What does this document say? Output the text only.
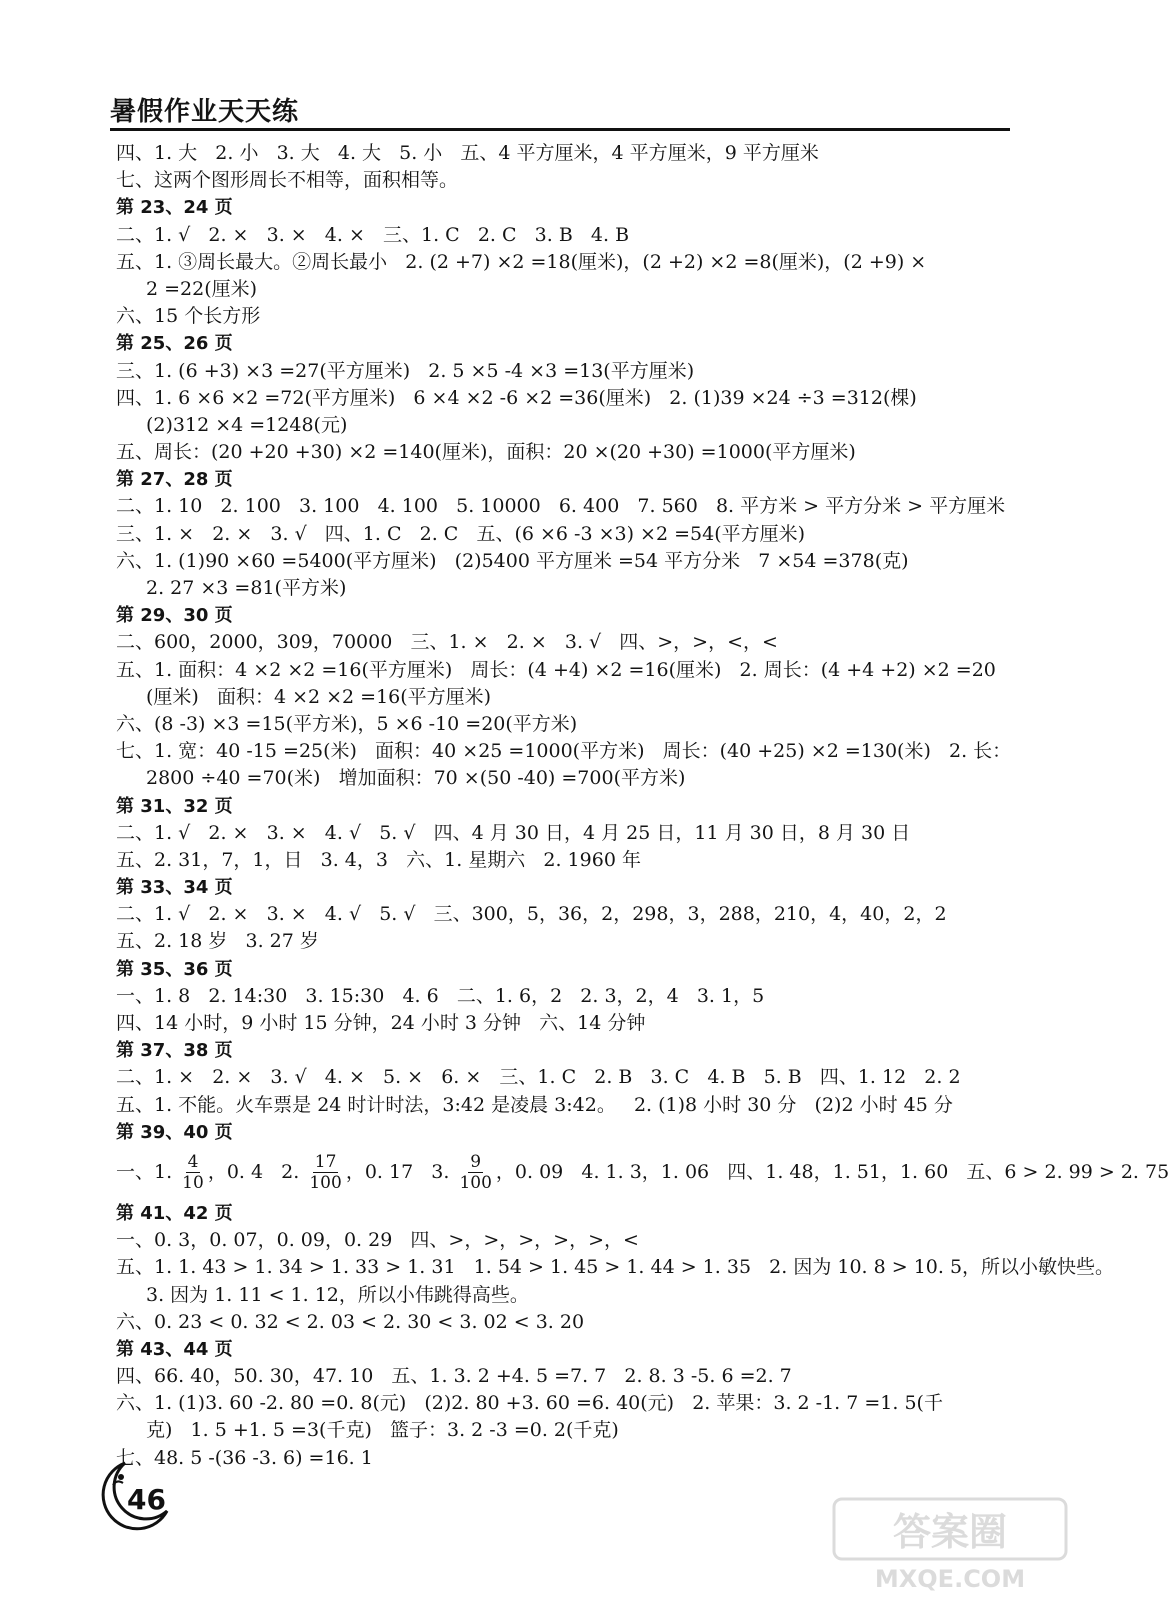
暑假作业天天练
四、1. 大   2. 小   3. 大   4. 大   5. 小   五、4 平方厘米，4 平方厘米，9 平方厘米
七、这两个图形周长不相等，面积相等。
第 23、24 页
二、1. √   2. ×   3. ×   4. ×   三、1. C   2. C   3. B   4. B
五、1. ③周长最大。②周长最小   2. (2 +7) ×2 =18(厘米)，(2 +2) ×2 =8(厘米)，(2 +9) ×
2 =22(厘米)
六、15 个长方形
第 25、26 页
三、1. (6 +3) ×3 =27(平方厘米)   2. 5 ×5 -4 ×3 =13(平方厘米)
四、1. 6 ×6 ×2 =72(平方厘米)   6 ×4 ×2 -6 ×2 =36(厘米)   2. (1)39 ×24 ÷3 =312(棵)
(2)312 ×4 =1248(元)
五、周长：(20 +20 +30) ×2 =140(厘米)，面积：20 ×(20 +30) =1000(平方厘米)
第 27、28 页
二、1. 10   2. 100   3. 100   4. 100   5. 10000   6. 400   7. 560   8. 平方米 > 平方分米 > 平方厘米
三、1. ×   2. ×   3. √   四、1. C   2. C   五、(6 ×6 -3 ×3) ×2 =54(平方厘米)
六、1. (1)90 ×60 =5400(平方厘米)   (2)5400 平方厘米 =54 平方分米   7 ×54 =378(克)
2. 27 ×3 =81(平方米)
第 29、30 页
二、600，2000，309，70000   三、1. ×   2. ×   3. √   四、>，>，<，<
五、1. 面积：4 ×2 ×2 =16(平方厘米)   周长：(4 +4) ×2 =16(厘米)   2. 周长：(4 +4 +2) ×2 =20
(厘米)   面积：4 ×2 ×2 =16(平方厘米)
六、(8 -3) ×3 =15(平方米)，5 ×6 -10 =20(平方米)
七、1. 宽：40 -15 =25(米)   面积：40 ×25 =1000(平方米)   周长：(40 +25) ×2 =130(米)   2. 长：
2800 ÷40 =70(米)   增加面积：70 ×(50 -40) =700(平方米)
第 31、32 页
二、1. √   2. ×   3. ×   4. √   5. √   四、4 月 30 日，4 月 25 日，11 月 30 日，8 月 30 日
五、2. 31，7，1，日   3. 4，3   六、1. 星期六   2. 1960 年
第 33、34 页
二、1. √   2. ×   3. ×   4. √   5. √   三、300，5，36，2，298，3，288，210，4，40，2，2
五、2. 18 岁   3. 27 岁
第 35、36 页
一、1. 8   2. 14:30   3. 15:30   4. 6   二、1. 6，2   2. 3，2，4   3. 1，5
四、14 小时，9 小时 15 分钟，24 小时 3 分钟   六、14 分钟
第 37、38 页
二、1. ×   2. ×   3. √   4. ×   5. ×   6. ×   三、1. C   2. B   3. C   4. B   5. B   四、1. 12   2. 2
五、1. 不能。火车票是 24 时计时法，3:42 是凌晨 3:42。   2. (1)8 小时 30 分   (2)2 小时 45 分
第 39、40 页
一、1. $\frac{4}{10}$ ，0. 4   2. $\frac{17}{100}$ ，0. 17   3. $\frac{9}{100}$ ，0. 09   4. 1. 3，1. 06   四、1. 48，1. 51，1. 60   五、6 > 2. 99 > 2. 75
第 41、42 页
一、0. 3，0. 07，0. 09，0. 29   四、>，>，>，>，>，<
五、1. 1. 43 > 1. 34 > 1. 33 > 1. 31   1. 54 > 1. 45 > 1. 44 > 1. 35   2. 因为 10. 8 > 10. 5，所以小敏快些。
3. 因为 1. 11 < 1. 12，所以小伟跳得高些。
六、0. 23 < 0. 32 < 2. 03 < 2. 30 < 3. 02 < 3. 20
第 43、44 页
四、66. 40，50. 30，47. 10   五、1. 3. 2 +4. 5 =7. 7   2. 8. 3 -5. 6 =2. 7
六、1. (1)3. 60 -2. 80 =0. 8(元)   (2)2. 80 +3. 60 =6. 40(元)   2. 苹果：3. 2 -1. 7 =1. 5(千
克)   1. 5 +1. 5 =3(千克)   篮子：3. 2 -3 =0. 2(千克)
七、48. 5 -(36 -3. 6) =16. 1
46
答案圈
MXQE.COM
